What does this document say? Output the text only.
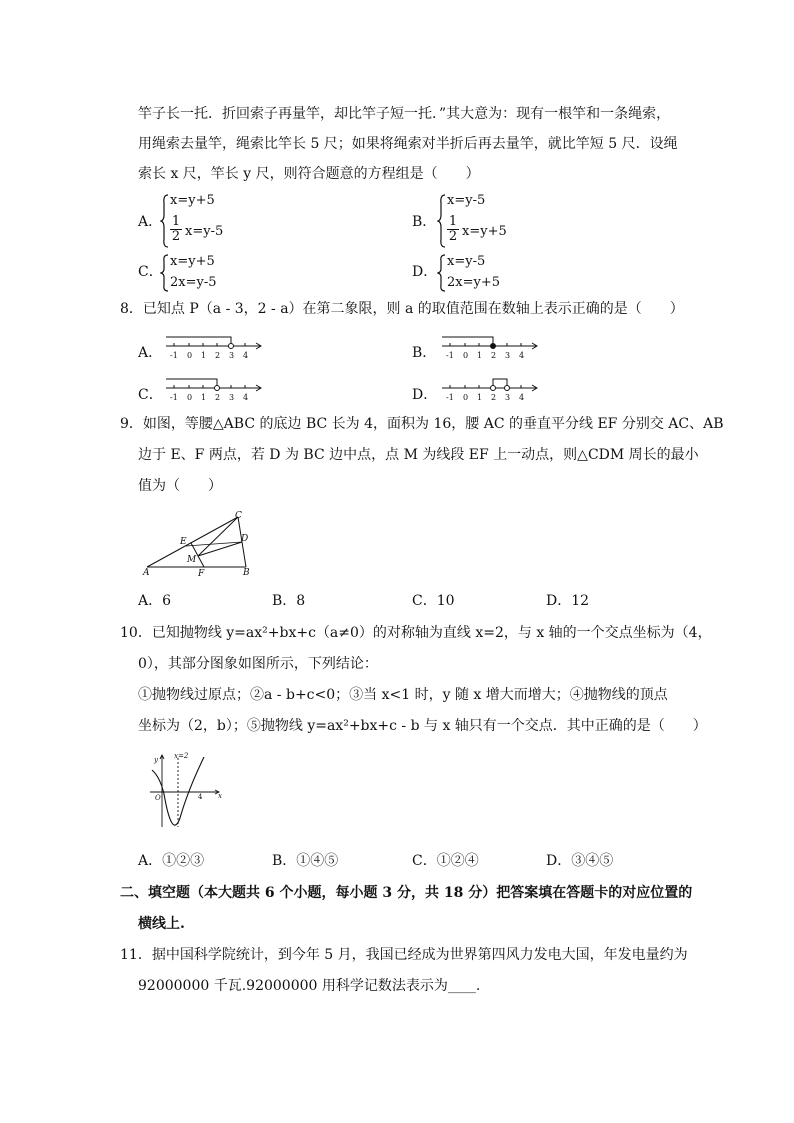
竿子长一托．折回索子再量竿，却比竿子短一托．”其大意为：现有一根竿和一条绳索，
用绳索去量竿，绳索比竿长 5 尺；如果将绳索对半折后再去量竿，就比竿短 5 尺．设绳
索长 x 尺，竿长 y 尺，则符合题意的方程组是（　　）
A．
x=y+5
1
2 x=y-5
B．
x=y-5
1
2 x=y+5
C．
x=y+5
2x=y-5
D．
x=y-5
2x=y+5
8．已知点 P（a - 3，2 - a）在第二象限，则 a 的取值范围在数轴上表示正确的是（　　）
A． -1 0 1 2 3 4	B． -1 0 1 2 3 4
C． -1 0 1 2 3 4	D． -1 0 1 2 3 4
9．如图，等腰△ABC 的底边 BC 长为 4，面积为 16，腰 AC 的垂直平分线 EF 分别交 AC、AB
边于 E、F 两点，若 D 为 BC 边中点，点 M 为线段 EF 上一动点，则△CDM 周长的最小
值为（　　）
A	B
C
D
E
F
M
A．6	B．8	C．10	D．12
10．已知抛物线 y=ax²+bx+c（a≠0）的对称轴为直线 x=2，与 x 轴的一个交点坐标为（4，
0），其部分图象如图所示，下列结论：
①抛物线过原点；②a - b+c<0；③当 x<1 时，y 随 x 增大而增大；④抛物线的顶点
坐标为（2，b）；⑤抛物线 y=ax²+bx+c - b 与 x 轴只有一个交点．其中正确的是（　　）
y
x
O
x=2
4
A．①②③	B．①④⑤	C．①②④	D．③④⑤
二、填空题（本大题共 6 个小题，每小题 3 分，共 18 分）把答案填在答题卡的对应位置的
横线上.
11．据中国科学院统计，到今年 5 月，我国已经成为世界第四风力发电大国，年发电量约为
92000000 千瓦.92000000 用科学记数法表示为____.
